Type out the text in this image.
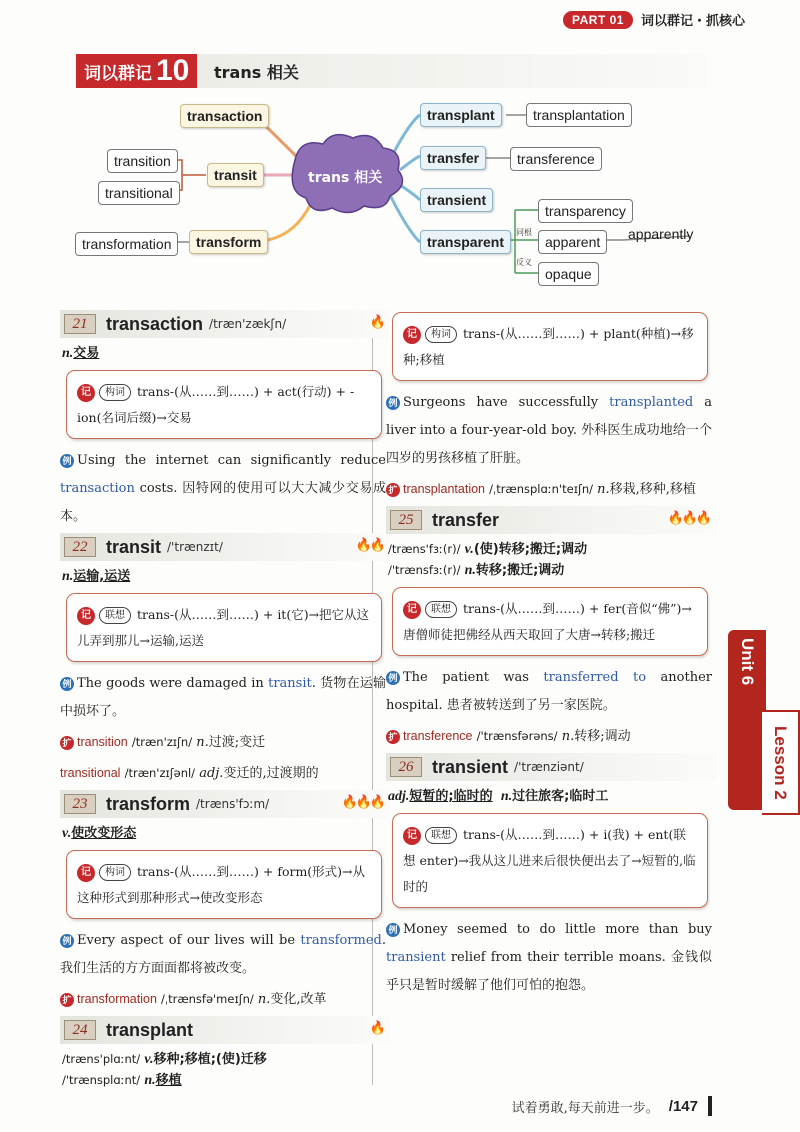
PART 01	词以群记・抓核心
词以群记 10 trans 相关
trans 相关
transaction
transition
transitional
transit
transformation	transform
transplant	transplantation
transfer	transference
transient
transparent
transparency
apparent	apparently
opaque
同根
反义
21	transaction /træn'zækʃn/	🔥
n.交易
记 构词 trans-(从……到……) + act(行动) + -ion(名词后缀)→交易
例 Using the internet can significantly reduce transaction costs. 因特网的使用可以大大减少交易成本。
22	transit /'trænzɪt/	🔥🔥
n.运输,运送
记 联想 trans-(从……到……) + it(它)→把它从这儿弄到那儿→运输,运送
例 The goods were damaged in transit. 货物在运输中损坏了。
扩 transition /træn'zɪʃn/ n.过渡;变迁
transitional /træn'zɪʃənl/ adj.变迁的,过渡期的
23	transform /træns'fɔːm/	🔥🔥🔥
v.使改变形态
记 构词 trans-(从……到……) + form(形式)→从这种形式到那种形式→使改变形态
例 Every aspect of our lives will be transformed. 我们生活的方方面面都将被改变。
扩 transformation /ˌtrænsfə'meɪʃn/ n.变化,改革
24	transplant	🔥
/træns'plɑːnt/ v.移种;移植;(使)迁移
/'trænsplɑːnt/ n.移植
记 构词 trans-(从……到……) + plant(种植)→移种;移植
例 Surgeons have successfully transplanted a liver into a four-year-old boy. 外科医生成功地给一个四岁的男孩移植了肝脏。
扩 transplantation /ˌtrænsplɑːn'teɪʃn/ n.移栽,移种,移植
25	transfer	🔥🔥🔥
/træns'fɜː(r)/ v.(使)转移;搬迁;调动
/'trænsfɜː(r)/ n.转移;搬迁;调动
记 联想 trans-(从……到……) + fer(音似“佛”)→唐僧师徒把佛经从西天取回了大唐→转移;搬迁
例 The patient was transferred to another hospital. 患者被转送到了另一家医院。
扩 transference /'trænsfərəns/ n.转移;调动
26	transient /'trænziənt/
adj.短暂的;临时的 n.过往旅客;临时工
记 联想 trans-(从……到……) + i(我) + ent(联想 enter)→我从这儿进来后很快便出去了→短暂的,临时的
例 Money seemed to do little more than buy transient relief from their terrible moans. 金钱似乎只是暂时缓解了他们可怕的抱怨。
Unit 6
Lesson 2
试着勇敢,每天前进一步。 /147
